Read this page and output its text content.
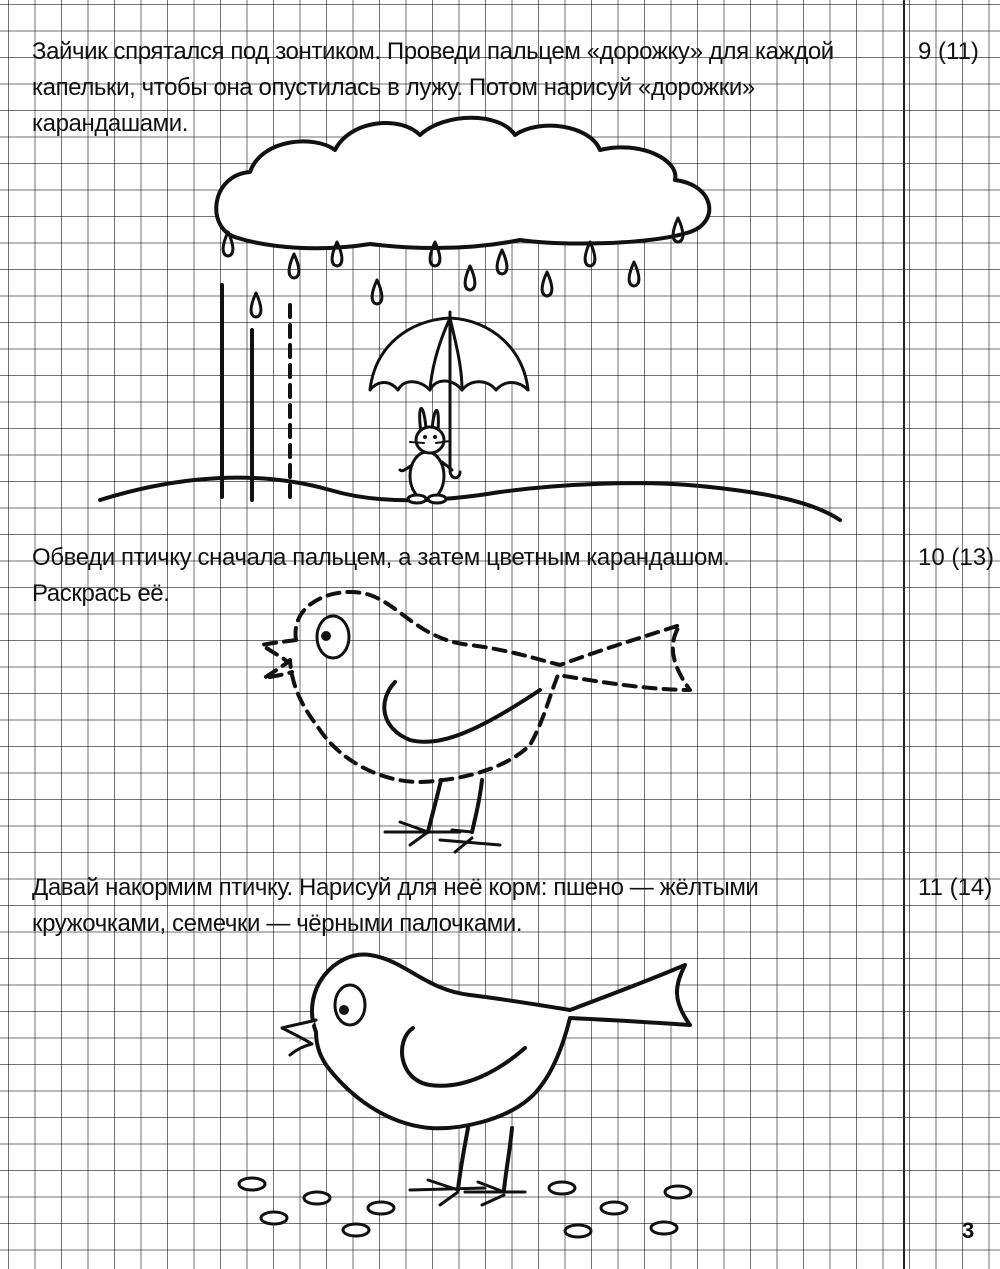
Зайчик спрятался под зонтиком. Проведи пальцем «дорожку» для каждой
капельки, чтобы она опустилась в лужу. Потом нарисуй «дорожки»
карандашами.
9 (11)
Обведи птичку сначала пальцем, а затем цветным карандашом.
Раскрась её.
10 (13)
Давай накормим птичку. Нарисуй для неё корм: пшено — жёлтыми
кружочками, семечки — чёрными палочками.
11 (14)
3
